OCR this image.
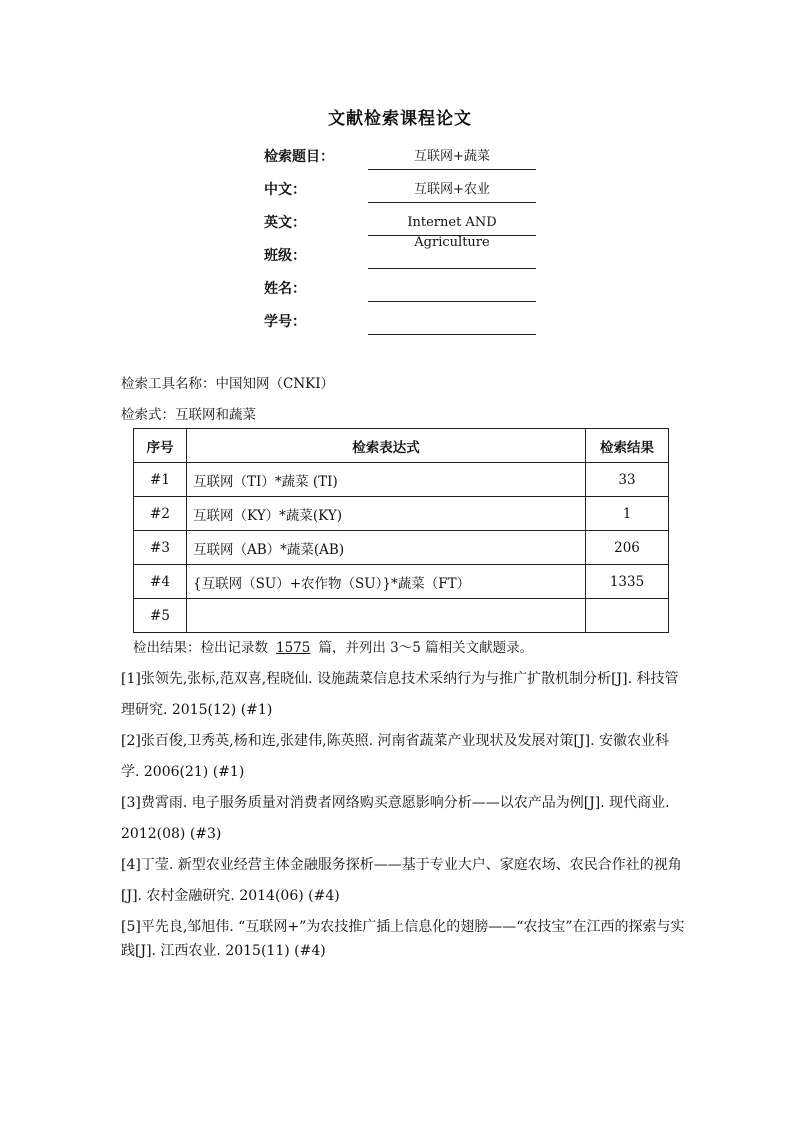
文献检索课程论文
检索题目：	互联网+蔬菜
中文：	互联网+农业
英文：	Internet AND Agriculture
班级：
姓名：
学号：
检索工具名称：中国知网（CNKI）
检索式：互联网和蔬菜
序号	检索表达式	检索结果
#1	互联网（TI）*蔬菜 (TI)	33
#2	互联网（KY）*蔬菜(KY)	1
#3	互联网（AB）*蔬菜(AB)	206
#4	{互联网（SU）+农作物（SU）}*蔬菜（FT）	1335
#5		
检出结果：检出记录数 1575 篇，并列出 3～5 篇相关文献题录。

[1]张领先,张标,范双喜,程晓仙. 设施蔬菜信息技术采纳行为与推广扩散机制分析[J]. 科技管理研究. 2015(12) (#1)

[2]张百俊,卫秀英,杨和连,张建伟,陈英照. 河南省蔬菜产业现状及发展对策[J]. 安徽农业科学. 2006(21) (#1)

[3]费霄雨. 电子服务质量对消费者网络购买意愿影响分析——以农产品为例[J]. 现代商业. 2012(08) (#3)

[4]丁莹. 新型农业经营主体金融服务探析——基于专业大户、家庭农场、农民合作社的视角[J]. 农村金融研究. 2014(06) (#4)

[5]平先良,邹旭伟. “互联网+”为农技推广插上信息化的翅膀——“农技宝”在江西的探索与实践[J]. 江西农业. 2015(11) (#4)
